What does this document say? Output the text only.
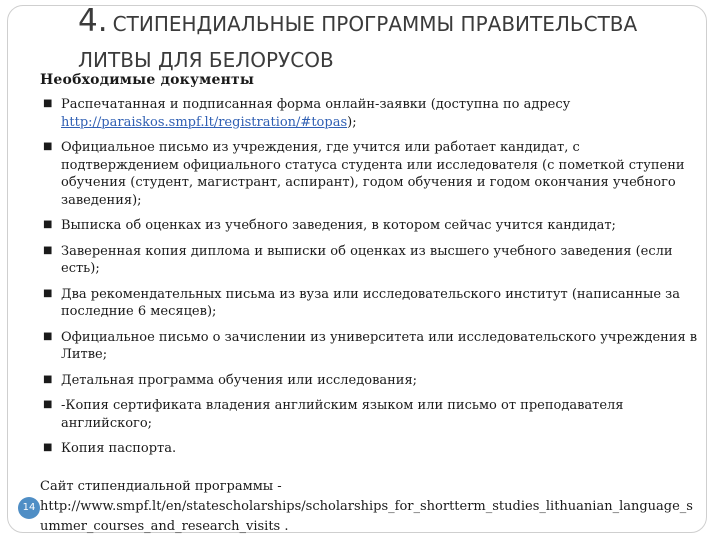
4. СТИПЕНДИАЛЬНЫЕ ПРОГРАММЫ ПРАВИТЕЛЬСТВА
ЛИТВЫ ДЛЯ БЕЛОРУСОВ
Необходимые документы
■ Распечатанная и подписанная форма онлайн-заявки (доступна по адресу http://paraiskos.smpf.lt/registration/#topas);
■ Официальное письмо из учреждения, где учится или работает кандидат, с подтверждением официального статуса студента или исследователя (с пометкой ступени обучения (студент, магистрант, аспирант), годом обучения и годом окончания учебного заведения);
■ Выписка об оценках из учебного заведения, в котором сейчас учится кандидат;
■ Заверенная копия диплома и выписки об оценках из высшего учебного заведения (если есть);
■ Два рекомендательных письма из вуза или исследовательского институт (написанные за последние 6 месяцев);
■ Официальное письмо о зачислении из университета или исследовательского учреждения в Литве;
■ Детальная программа обучения или исследования;
■ -Копия сертификата владения английским языком или письмо от преподавателя английского;
■ Копия паспорта.
Сайт стипендиальной программы -
http://www.smpf.lt/en/statescholarships/scholarships_for_shortterm_studies_lithuanian_language_summer_courses_and_research_visits .
14
